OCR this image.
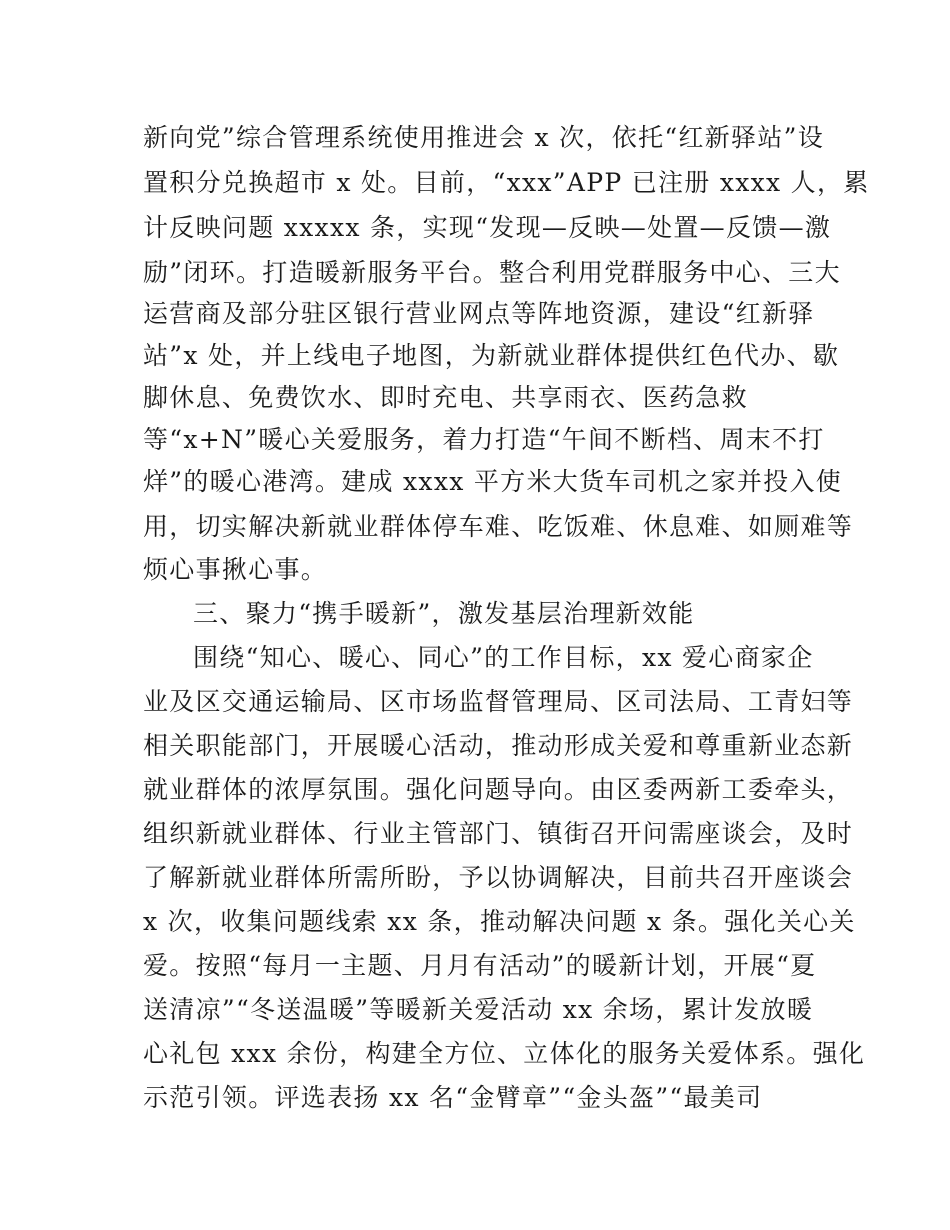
新向党”综合管理系统使用推进会 x 次，依托“红新驿站”设
置积分兑换超市 x 处。目前，“xxx”APP 已注册 xxxx 人，累
计反映问题 xxxxx 条，实现“发现—反映—处置—反馈—激
励”闭环。打造暖新服务平台。整合利用党群服务中心、三大
运营商及部分驻区银行营业网点等阵地资源，建设“红新驿
站”x 处，并上线电子地图，为新就业群体提供红色代办、歇
脚休息、免费饮水、即时充电、共享雨衣、医药急救
等“x+N”暖心关爱服务，着力打造“午间不断档、周末不打
烊”的暖心港湾。建成 xxxx 平方米大货车司机之家并投入使
用，切实解决新就业群体停车难、吃饭难、休息难、如厕难等
烦心事揪心事。
三、聚力“携手暖新”，激发基层治理新效能
围绕“知心、暖心、同心”的工作目标，xx 爱心商家企
业及区交通运输局、区市场监督管理局、区司法局、工青妇等
相关职能部门，开展暖心活动，推动形成关爱和尊重新业态新
就业群体的浓厚氛围。强化问题导向。由区委两新工委牵头，
组织新就业群体、行业主管部门、镇街召开问需座谈会，及时
了解新就业群体所需所盼，予以协调解决，目前共召开座谈会
x 次，收集问题线索 xx 条，推动解决问题 x 条。强化关心关
爱。按照“每月一主题、月月有活动”的暖新计划，开展“夏
送清凉”“冬送温暖”等暖新关爱活动 xx 余场，累计发放暖
心礼包 xxx 余份，构建全方位、立体化的服务关爱体系。强化
示范引领。评选表扬 xx 名“金臂章”“金头盔”“最美司
